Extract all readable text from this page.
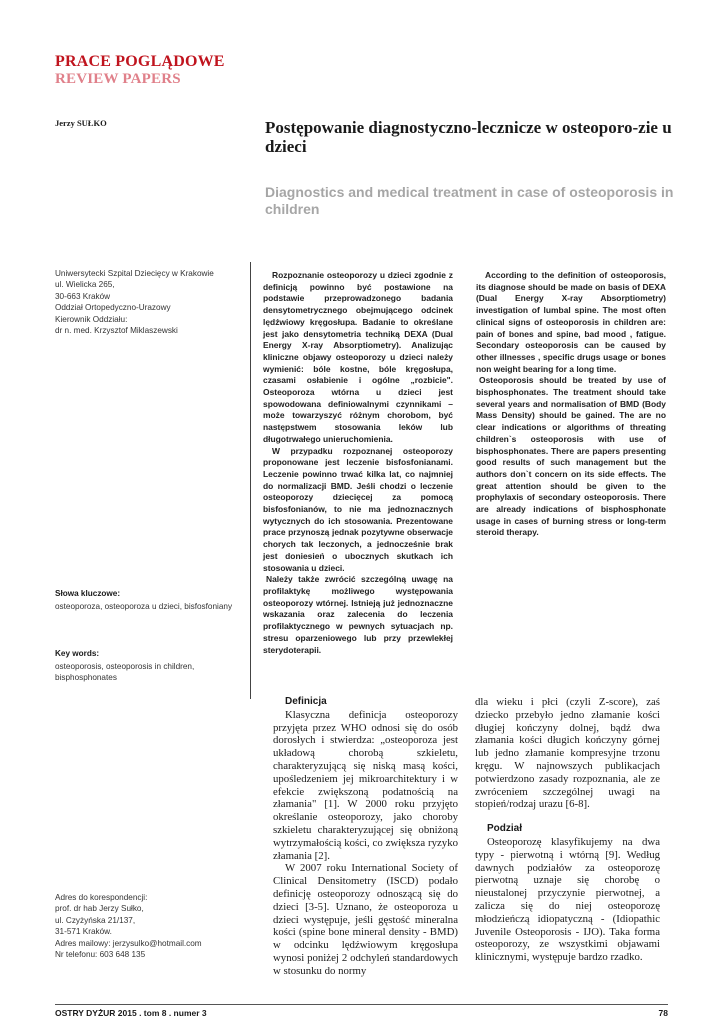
PRACE POGLĄDOWE
REVIEW PAPERS
Jerzy SUŁKO	Postępowanie diagnostyczno-lecznicze w osteoporo-zie u dzieci
Diagnostics and medical treatment in case of osteoporosis in children
Uniwersytecki Szpital Dziecięcy w Krakowie
ul. Wielicka 265,
30-663 Kraków
Oddział Ortopedyczno-Urazowy
Kierownik Oddziału:
dr n. med. Krzysztof Miklaszewski

Rozpoznanie osteoporozy u dzieci zgodnie z definicją powinno być postawione na podstawie przeprowadzonego badania densytometrycznego obejmującego odcinek lędźwiowy kręgosłupa. Badanie to określane jest jako densytometria techniką DEXA (Dual Energy X-ray Absorptiometry). Analizując kliniczne objawy osteoporozy u dzieci należy wymienić: bóle kostne, bóle kręgosłupa, czasami osłabienie i ogólne „rozbicie". Osteoporoza wtórna u dzieci jest spowodowana definiowalnymi czynnikami – może towarzyszyć różnym chorobom, być następstwem stosowania leków lub długotrwałego unieruchomienia.

W przypadku rozpoznanej osteoporozy proponowane jest leczenie bisfosfonianami. Leczenie powinno trwać kilka lat, co najmniej do normalizacji BMD. Jeśli chodzi o leczenie osteoporozy dziecięcej za pomocą bisfosfonianów, to nie ma jednoznacznych wytycznych do ich stosowania. Prezentowane prace przynoszą jednak pozytywne obserwacje chorych tak leczonych, a jednocześnie brak jest doniesień o ubocznych skutkach ich stosowania u dzieci.

Należy także zwrócić szczególną uwagę na profilaktykę możliwego występowania osteoporozy wtórnej. Istnieją już jednoznaczne wskazania oraz zalecenia do leczenia profilaktycznego w pewnych sytuacjach np. stresu oparzeniowego lub przy przewlekłej sterydoterapii.

According to the definition of osteoporosis, its diagnose should be made on basis of DEXA (Dual Energy X-ray Absorptiometry) investigation of lumbal spine. The most often clinical signs of osteoporosis in children are: pain of bones and spine, bad mood , fatigue. Secondary osteoporosis can be caused by other illnesses , specific drugs usage or bones non weight bearing for a long time.

Osteoporosis should be treated by use of bisphosphonates. The treatment should take several years and normalisation of BMD (Body Mass Density) should be gained. The are no clear indications or algorithms of threating children`s osteoporosis with use of bisphosphonates. There are papers presenting good results of such management but the authors don`t concern on its side effects. The great attention should be given to the prophylaxis of secondary osteoporosis. There are already indications of bisphosphonate usage in cases of burning stress or long-term steroid therapy.

Słowa kluczowe:
osteoporoza, osteoporoza u dzieci, bisfosfoniany
Key words:
osteoporosis, osteoporosis in children, bisphosphonates

Definicja

Klasyczna definicja osteoporozy przyjęta przez WHO odnosi się do osób dorosłych i stwierdza: „osteoporoza jest układową chorobą szkieletu, charakteryzującą się niską masą kości, upośledzeniem jej mikroarchitektury i w efekcie zwiększoną podatnością na złamania" [1]. W 2000 roku przyjęto określanie osteoporozy, jako choroby szkieletu charakteryzującej się obniżoną wytrzymałością kości, co zwiększa ryzyko złamania [2].

W 2007 roku International Society of Clinical Densitometry (ISCD) podało definicję osteoporozy odnoszącą się do dzieci [3-5]. Uznano, że osteoporoza u dzieci występuje, jeśli gęstość mineralna kości (spine bone mineral density - BMD) w odcinku lędźwiowym kręgosłupa wynosi poniżej 2 odchyleń standardowych w stosunku do normy

dla wieku i płci (czyli Z-score), zaś dziecko przebyło jedno złamanie kości długiej kończyny dolnej, bądź dwa złamania kości długich kończyny górnej lub jedno złamanie kompresyjne trzonu kręgu. W najnowszych publikacjach potwierdzono zasady rozpoznania, ale ze zwróceniem szczególnej uwagi na stopień/rodzaj urazu [6-8].

Podział

Osteoporozę klasyfikujemy na dwa typy - pierwotną i wtórną [9]. Według dawnych podziałów za osteoporozę pierwotną uznaje się chorobę o nieustalonej przyczynie pierwotnej, a zalicza się do niej osteoporozę młodzieńczą idiopatyczną - (Idiopathic Juvenile Osteoporosis - IJO). Taka forma osteoporozy, ze wszystkimi objawami klinicznymi, występuje bardzo rzadko.

Adres do korespondencji:
prof. dr hab Jerzy Sułko,
ul. Czyżyńska 21/137,
31-571 Kraków.
Adres mailowy: jerzysulko@hotmail.com
Nr telefonu: 603 648 135
OSTRY DYŻUR 2015 . tom 8 . numer 3	78
